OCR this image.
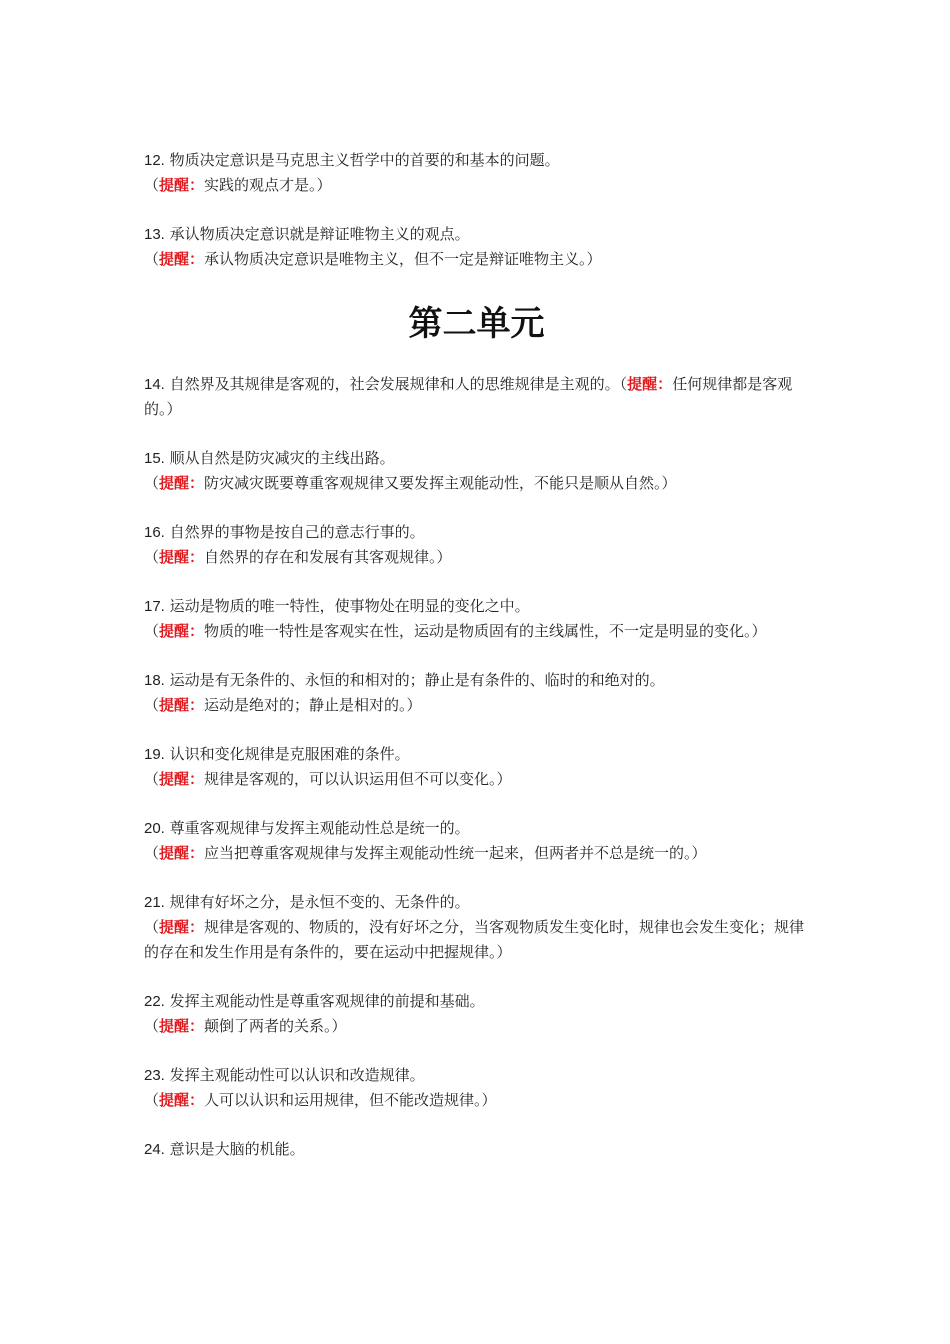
12. 物质决定意识是马克思主义哲学中的首要的和基本的问题。
（提醒：实践的观点才是。）
13. 承认物质决定意识就是辩证唯物主义的观点。
（提醒：承认物质决定意识是唯物主义，但不一定是辩证唯物主义。）
第二单元
14. 自然界及其规律是客观的，社会发展规律和人的思维规律是主观的。（提醒：任何规律都是客观的。）
15. 顺从自然是防灾减灾的主线出路。
（提醒：防灾减灾既要尊重客观规律又要发挥主观能动性，不能只是顺从自然。）
16. 自然界的事物是按自己的意志行事的。
（提醒：自然界的存在和发展有其客观规律。）
17. 运动是物质的唯一特性，使事物处在明显的变化之中。
（提醒：物质的唯一特性是客观实在性，运动是物质固有的主线属性，不一定是明显的变化。）
18. 运动是有无条件的、永恒的和相对的；静止是有条件的、临时的和绝对的。
（提醒：运动是绝对的；静止是相对的。）
19. 认识和变化规律是克服困难的条件。
（提醒：规律是客观的，可以认识运用但不可以变化。）
20. 尊重客观规律与发挥主观能动性总是统一的。
（提醒：应当把尊重客观规律与发挥主观能动性统一起来，但两者并不总是统一的。）
21. 规律有好坏之分，是永恒不变的、无条件的。
（提醒：规律是客观的、物质的，没有好坏之分，当客观物质发生变化时，规律也会发生变化；规律的存在和发生作用是有条件的，要在运动中把握规律。）
22. 发挥主观能动性是尊重客观规律的前提和基础。
（提醒：颠倒了两者的关系。）
23. 发挥主观能动性可以认识和改造规律。
（提醒：人可以认识和运用规律，但不能改造规律。）
24. 意识是大脑的机能。
